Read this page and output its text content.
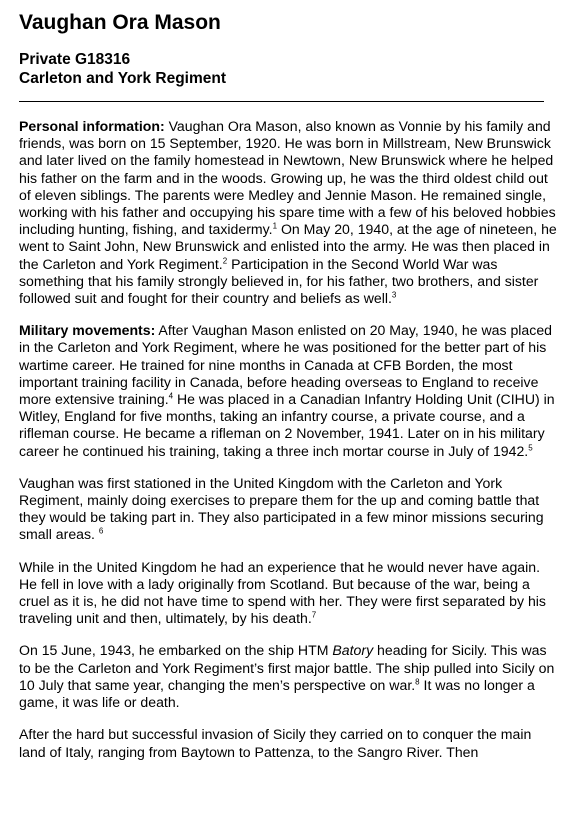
Vaughan Ora Mason
Private G18316
Carleton and York Regiment

Personal information: Vaughan Ora Mason, also known as Vonnie by his family and friends, was born on 15 September, 1920. He was born in Millstream, New Brunswick and later lived on the family homestead in Newtown, New Brunswick where he helped his father on the farm and in the woods. Growing up, he was the third oldest child out of eleven siblings. The parents were Medley and Jennie Mason. He remained single, working with his father and occupying his spare time with a few of his beloved hobbies including hunting, fishing, and taxidermy.$^1$ On May 20, 1940, at the age of nineteen, he went to Saint John, New Brunswick and enlisted into the army. He was then placed in the Carleton and York Regiment.$^2$ Participation in the Second World War was something that his family strongly believed in, for his father, two brothers, and sister followed suit and fought for their country and beliefs as well.$^3$

Military movements: After Vaughan Mason enlisted on 20 May, 1940, he was placed in the Carleton and York Regiment, where he was positioned for the better part of his wartime career. He trained for nine months in Canada at CFB Borden, the most important training facility in Canada, before heading overseas to England to receive more extensive training.$^4$ He was placed in a Canadian Infantry Holding Unit (CIHU) in Witley, England for five months, taking an infantry course, a private course, and a rifleman course. He became a rifleman on 2 November, 1941. Later on in his military career he continued his training, taking a three inch mortar course in July of 1942.$^5$

Vaughan was first stationed in the United Kingdom with the Carleton and York Regiment, mainly doing exercises to prepare them for the up and coming battle that they would be taking part in. They also participated in a few minor missions securing small areas. $^6$

While in the United Kingdom he had an experience that he would never have again. He fell in love with a lady originally from Scotland. But because of the war, being a cruel as it is, he did not have time to spend with her. They were first separated by his traveling unit and then, ultimately, by his death.$^7$

On 15 June, 1943, he embarked on the ship HTM Batory heading for Sicily. This was to be the Carleton and York Regiment’s first major battle. The ship pulled into Sicily on 10 July that same year, changing the men’s perspective on war.$^8$ It was no longer a game, it was life or death.

After the hard but successful invasion of Sicily they carried on to conquer the main land of Italy, ranging from Baytown to Pattenza, to the Sangro River. Then
